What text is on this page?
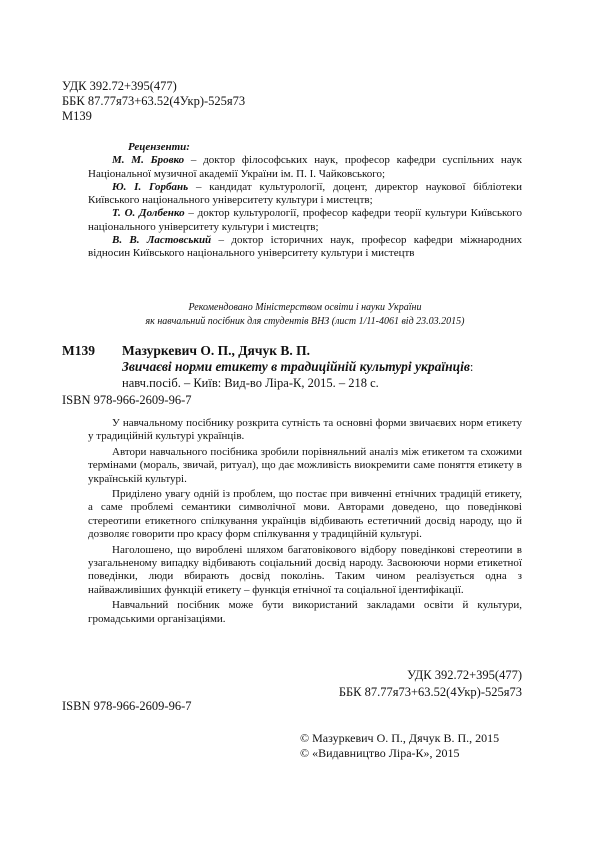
УДК 392.72+395(477)
ББК 87.77я73+63.52(4Укр)-525я73
М139
Рецензенти:

М. М. Бровко – доктор філософських наук, професор кафедри суспільних наук Національної музичної академії України ім. П. І. Чайковського;

Ю. І. Горбань – кандидат культурології, доцент, директор наукової бібліотеки Київського національного університету культури і мистецтв;

Т. О. Долбенко – доктор культурології, професор кафедри теорії культури Київського національного університету культури і мистецтв;

В. В. Ластовський – доктор історичних наук, професор кафедри міжнародних відносин Київського національного університету культури і мистецтв

Рекомендовано Міністерством освіти і науки України
як навчальний посібник для студентів ВНЗ (лист 1/11-4061 від 23.03.2015)
М139 Мазуркевич О. П., Дячук В. П.
Звичаєві норми етикету в традиційній культурі українців: навч.посіб. – Київ: Вид-во Ліра-К, 2015. – 218 с.
ISBN 978-966-2609-96-7

У навчальному посібнику розкрита сутність та основні форми звичаєвих норм етикету у традиційній культурі українців.

Автори навчального посібника зробили порівняльний аналіз між етикетом та схожими термінами (мораль, звичай, ритуал), що дає можливість виокремити саме поняття етикету в українській культурі.

Приділено увагу одній із проблем, що постає при вивченні етнічних традицій етикету, а саме проблемі семантики символічної мови. Авторами доведено, що поведінкові стереотипи етикетного спілкування українців відбивають естетичний досвід народу, що й дозволяє говорити про красу форм спілкування у традиційній культурі.

Наголошено, що вироблені шляхом багатовікового відбору поведінкові стереотипи в узагальненому випадку відбивають соціальний досвід народу. Засвоюючи норми етикетної поведінки, люди вбирають досвід поколінь. Таким чином реалізується одна з найважливіших функцій етикету – функція етнічної та соціальної ідентифікації.

Навчальний посібник може бути використаний закладами освіти й культури, громадськими організаціями.

УДК 392.72+395(477)
ББК 87.77я73+63.52(4Укр)-525я73
ISBN 978-966-2609-96-7
© Мазуркевич О. П., Дячук В. П., 2015
© «Видавництво Ліра-К», 2015
